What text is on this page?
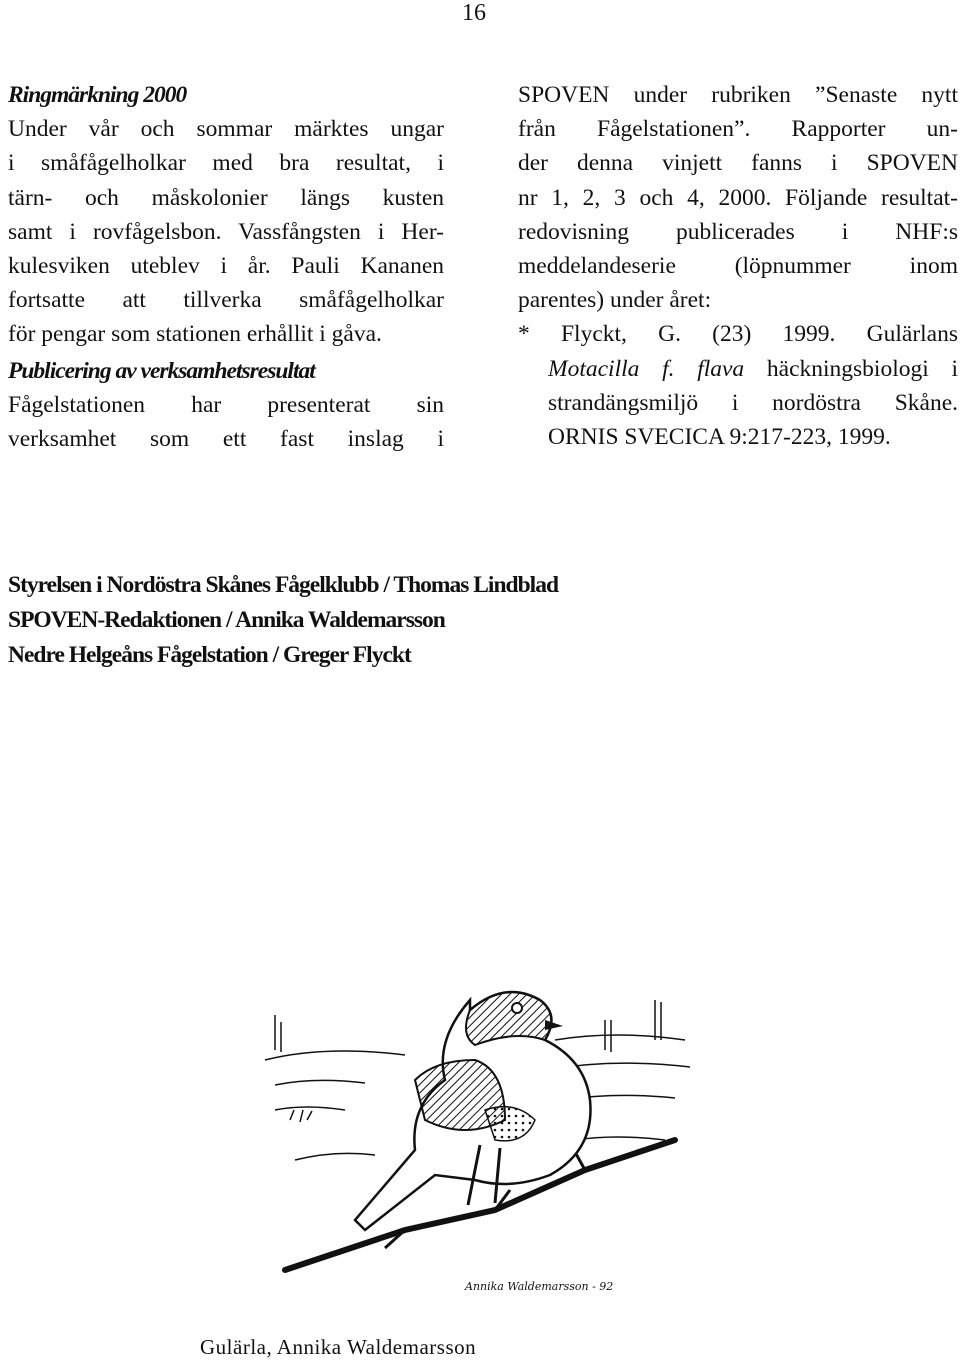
16
Ringmärkning 2000

Under vår och sommar märktes ungar
i småfågelholkar med bra resultat, i
tärn- och måskolonier längs kusten
samt i rovfågelsbon. Vassfångsten i Her-
kulesviken uteblev i år. Pauli Kananen
fortsatte att tillverka småfågelholkar
för pengar som stationen erhållit i gåva.

Publicering av verksamhetsresultat

Fågelstationen har presenterat sin
verksamhet som ett fast inslag i

SPOVEN under rubriken ”Senaste nytt
från Fågelstationen”. Rapporter un-
der denna vinjett fanns i SPOVEN
nr 1, 2, 3 och 4, 2000. Följande resultat-
redovisning publicerades i NHF:s
meddelandeserie (löpnummer inom
parentes) under året:

* Flyckt, G. (23) 1999. Gulärlans
Motacilla f. flava häckningsbiologi i
strandängsmiljö i nordöstra Skåne.
ORNIS SVECICA 9:217-223, 1999.
Styrelsen i Nordöstra Skånes Fågelklubb / Thomas Lindblad
SPOVEN-Redaktionen / Annika Waldemarsson
Nedre Helgeåns Fågelstation / Greger Flyckt
Annika Waldemarsson - 92
Gulärla, Annika Waldemarsson
